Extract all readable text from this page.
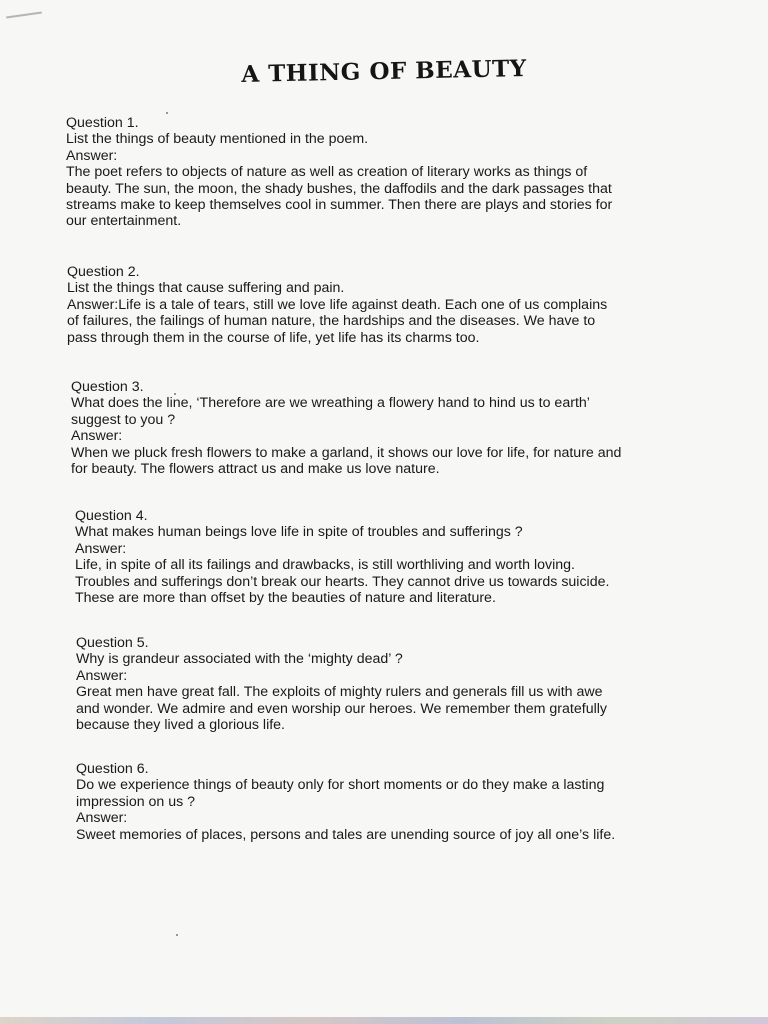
A THING OF BEAUTY
Question 1.
List the things of beauty mentioned in the poem.
Answer:
The poet refers to objects of nature as well as creation of literary works as things of
beauty. The sun, the moon, the shady bushes, the daffodils and the dark passages that
streams make to keep themselves cool in summer. Then there are plays and stories for
our entertainment.
Question 2.
List the things that cause suffering and pain.
Answer:Life is a tale of tears, still we love life against death. Each one of us complains
of failures, the failings of human nature, the hardships and the diseases. We have to
pass through them in the course of life, yet life has its charms too.
Question 3.
What does the line, ‘Therefore are we wreathing a flowery hand to hind us to earth’
suggest to you ?
Answer:
When we pluck fresh flowers to make a garland, it shows our love for life, for nature and
for beauty. The flowers attract us and make us love nature.
Question 4.
What makes human beings love life in spite of troubles and sufferings ?
Answer:
Life, in spite of all its failings and drawbacks, is still worthliving and worth loving.
Troubles and sufferings don’t break our hearts. They cannot drive us towards suicide.
These are more than offset by the beauties of nature and literature.
Question 5.
Why is grandeur associated with the ‘mighty dead’ ?
Answer:
Great men have great fall. The exploits of mighty rulers and generals fill us with awe
and wonder. We admire and even worship our heroes. We remember them gratefully
because they lived a glorious life.
Question 6.
Do we experience things of beauty only for short moments or do they make a lasting
impression on us ?
Answer:
Sweet memories of places, persons and tales are unending source of joy all one’s life.
